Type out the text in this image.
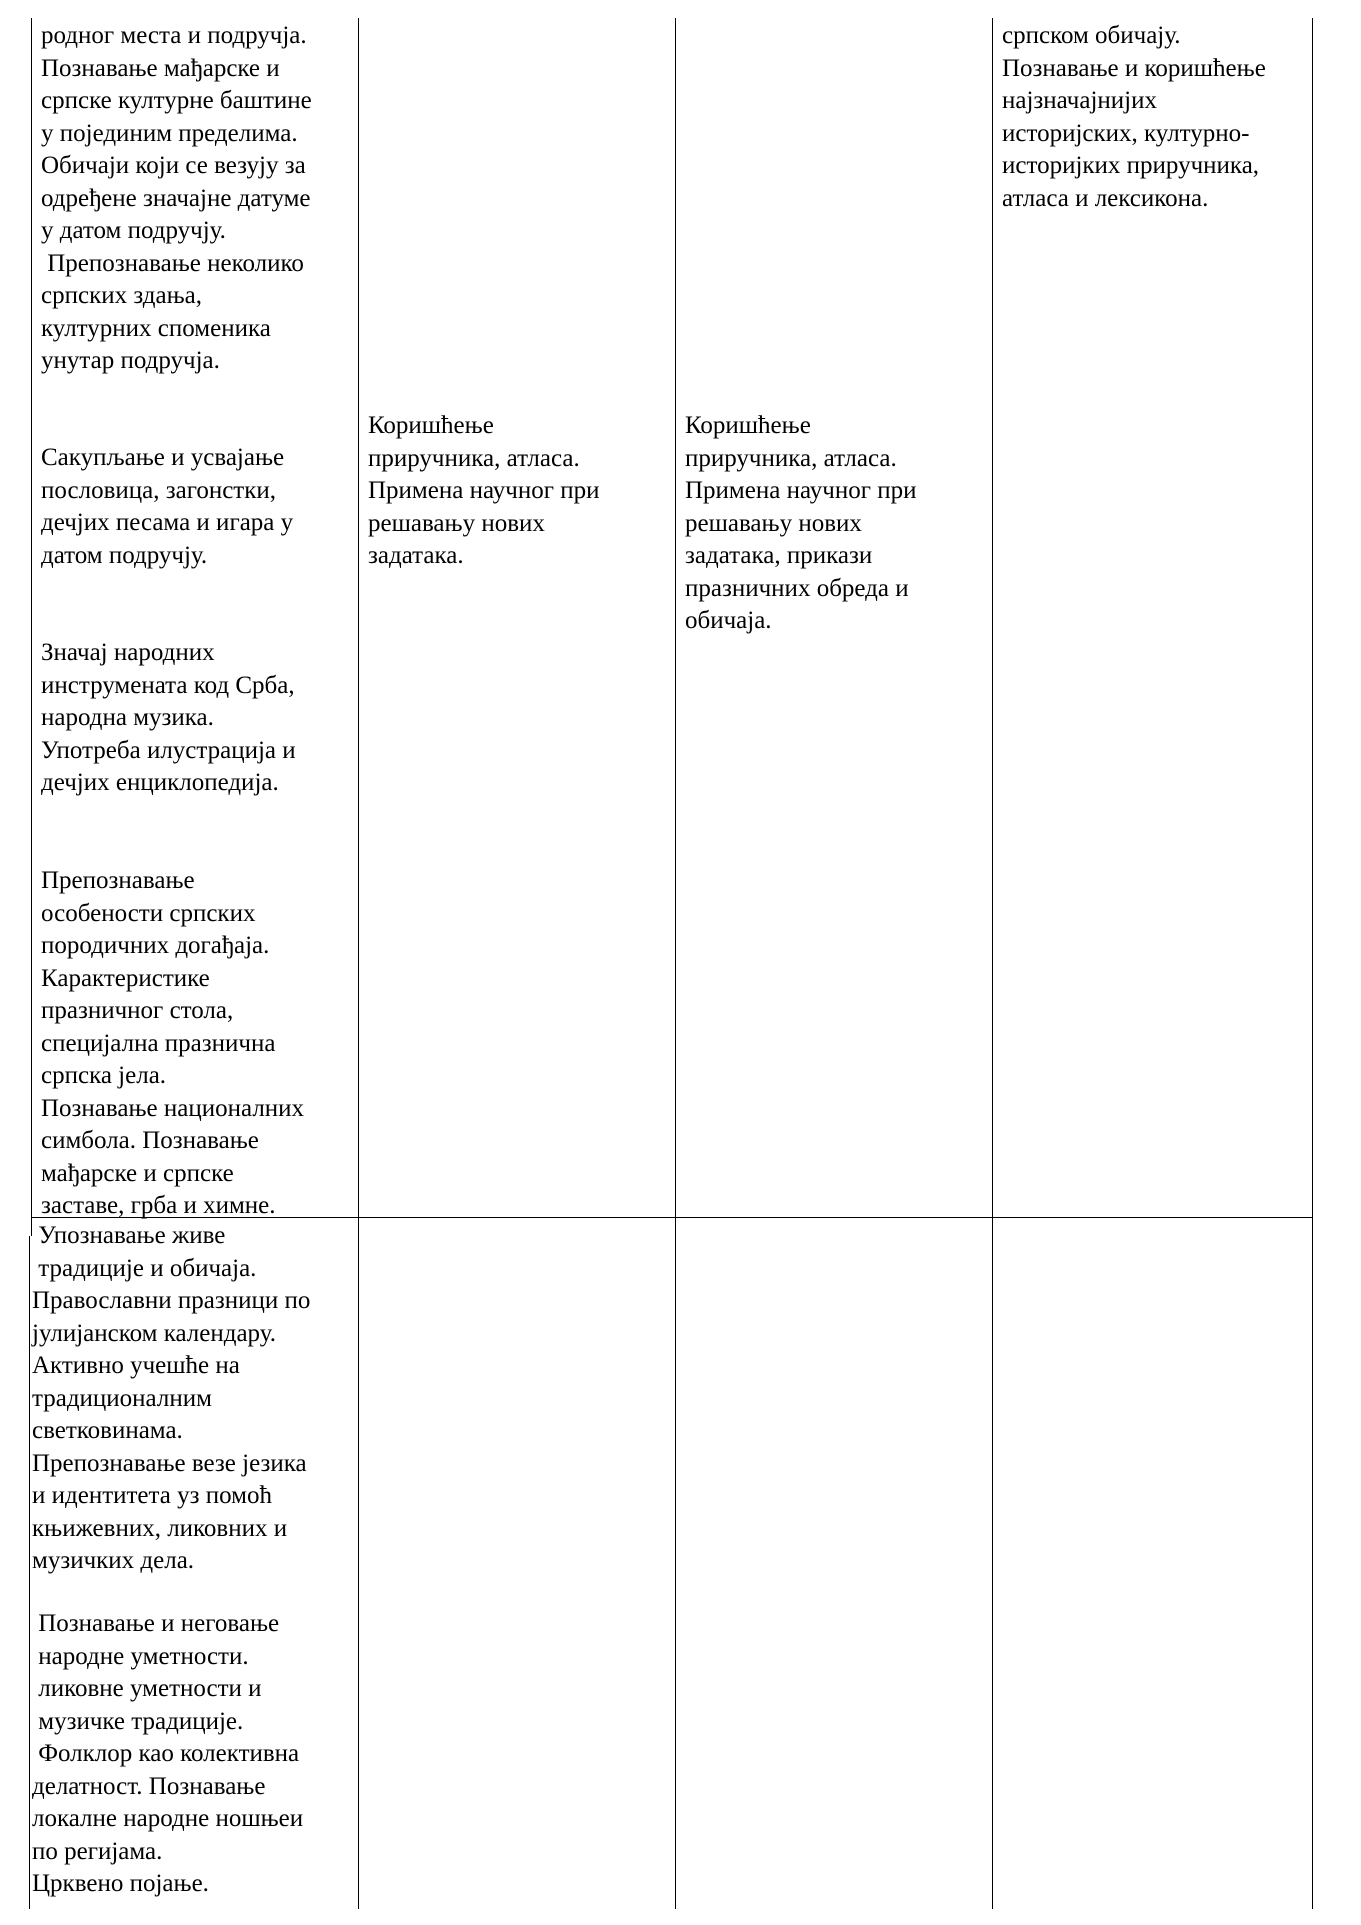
родног места и подручја.
Познавање мађарске и
српске културне баштине
у појединим пределима.
Обичаји који се везују за
одређене значајне датуме
у датом подручју.
Препознавање неколико
српских здања,
културних споменика
унутар подручја.
Сакупљање и усвајање
пословица, загонстки,
дечјих песама и игара у
датом подручју.
Значај народних
инструмената код Срба,
народна музика.
Употреба илустрација и
дечјих енциклопедија.
Препознавање
особености српских
породичних догађаја.
Карактеристике
празничног стола,
специјална празнична
српска јела.
Познавање националних
симбола. Познавање
мађарске и српске
заставе, грба и химне.
Коришћење
приручника, атласа.
Примена научног при
решавању нових
задатака.
Коришћење
приручника, атласа.
Примена научног при
решавању нових
задатака, прикази
празничних обреда и
обичаја.
српском обичају.
Познавање и коришћење
најзначајнијих
историјских, културно-
историјких приручника,
атласа и лексикона.
Упознавање живе
традиције и обичаја.
Православни празници по
јулијанском календару.
Активно учешће на
традиционалним
светковинама.
Препознавање везе језика
и идентитета уз помоћ
књижевних, ликовних и
музичких дела.
Познавање и неговање
народне уметности.
ликовне уметности и
музичке традиције.
Фолклор као колективна
делатност. Познавање
локалне народне ношњеи
по регијама.
Црквено појање.
